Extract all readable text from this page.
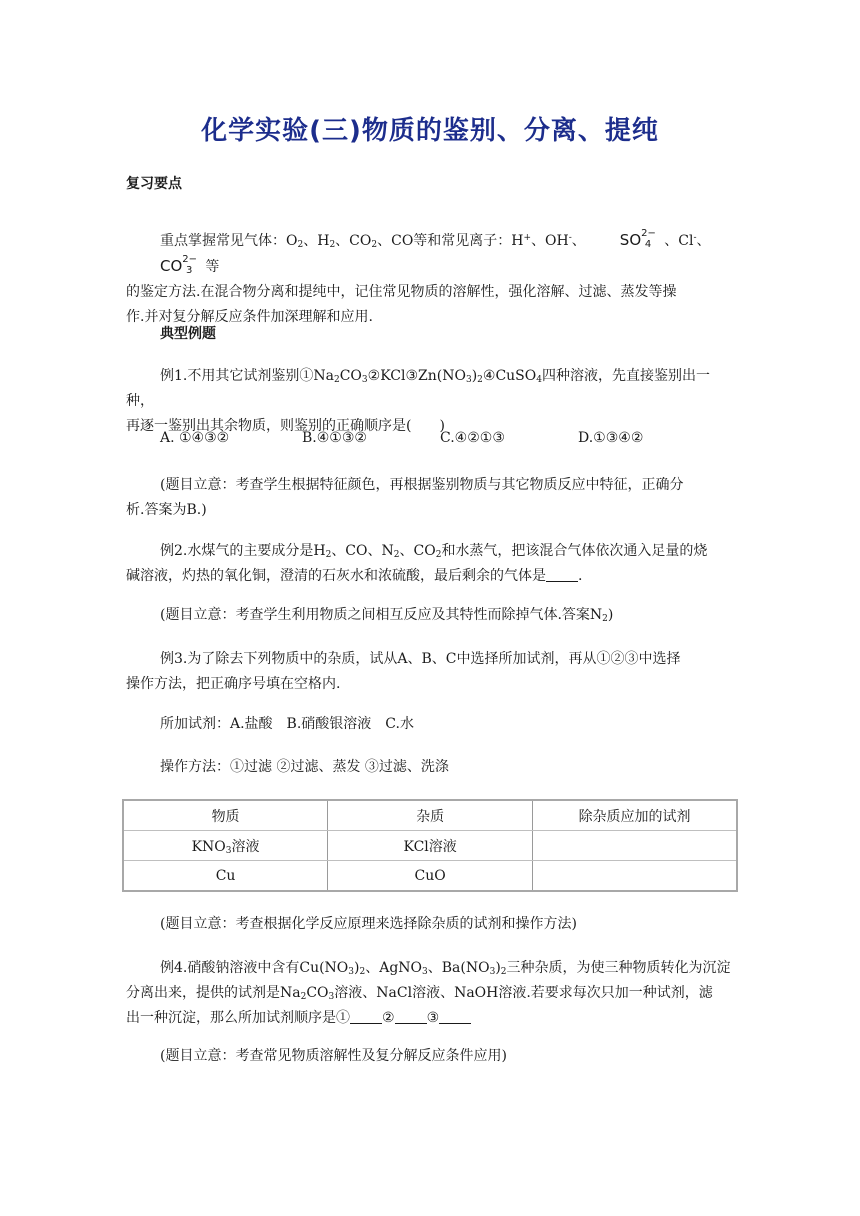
化学实验(三)物质的鉴别、分离、提纯
复习要点
重点掌握常见气体：$O_2$、$H_2$、$CO_2$、CO等和常见离子：H+、OH-、 $SO^{2-}_4$ 、Cl-、$CO^{2-}_3$ 等
的鉴定方法.在混合物分离和提纯中，记住常见物质的溶解性，强化溶解、过滤、蒸发等操
作.并对复分解反应条件加深理解和应用.
典型例题
例1.不用其它试剂鉴别$①Na_2CO_3②KCl③Zn(NO_3)_2④CuSO_4$四种溶液，先直接鉴别出一种，
再逐一鉴别出其余物质，则鉴别的正确顺序是(　　)
A. ①④③②	B.④①③②	C.④②①③	D.①③④②
(题目立意：考查学生根据特征颜色，再根据鉴别物质与其它物质反应中特征，正确分
析.答案为B.)
例2.水煤气的主要成分是$H_2$、CO、$N_2$、$CO_2$和水蒸气，把该混合气体依次通入足量的烧
碱溶液，灼热的氧化铜，澄清的石灰水和浓硫酸，最后剩余的气体是 .
(题目立意：考查学生利用物质之间相互反应及其特性而除掉气体.答案$N_2$)
例3.为了除去下列物质中的杂质，试从A、B、C中选择所加试剂，再从①②③中选择
操作方法，把正确序号填在空格内.
所加试剂：A.盐酸　B.硝酸银溶液　C.水
操作方法：①过滤 ②过滤、蒸发 ③过滤、洗涤
物质	杂质	除杂质应加的试剂
$KNO_3$溶液	KCl溶液	
Cu	CuO	
(题目立意：考查根据化学反应原理来选择除杂质的试剂和操作方法)
例4.硝酸钠溶液中含有$Cu(NO_3)_2$、AgNO$_3$、$Ba(NO_3)_2$三种杂质，为使三种物质转化为沉淀
分离出来，提供的试剂是$Na_2CO_3$溶液、NaCl溶液、NaOH溶液.若要求每次只加一种试剂，滤
出一种沉淀，那么所加试剂顺序是① ② ③
(题目立意：考查常见物质溶解性及复分解反应条件应用)
